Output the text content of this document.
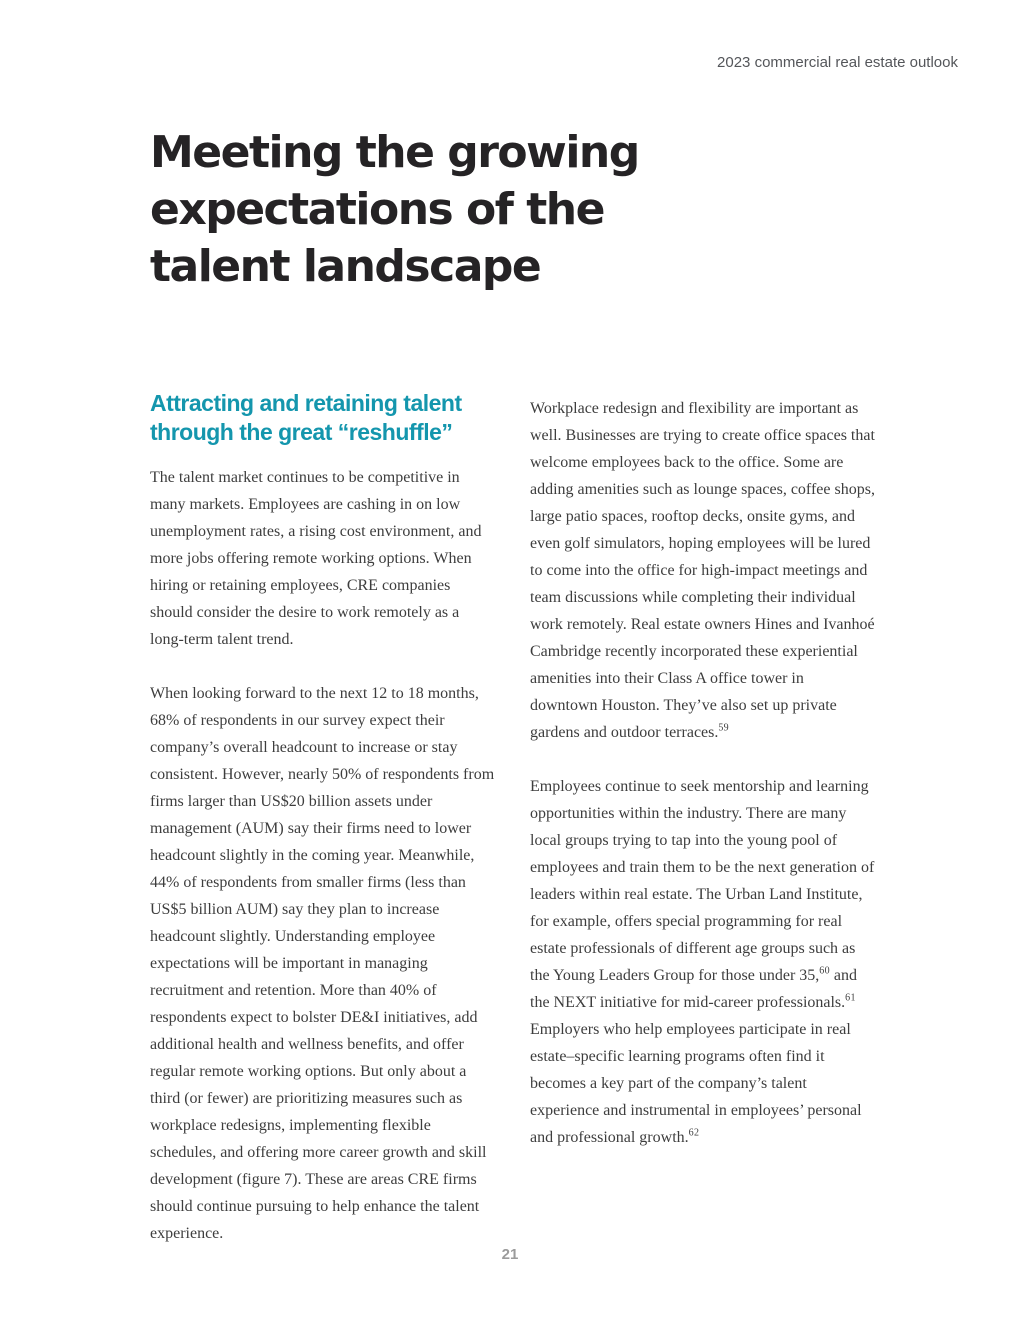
2023 commercial real estate outlook
Meeting the growing
expectations of the
talent landscape
Attracting and retaining talent
through the great “reshuffle”

The talent market continues to be competitive in many markets. Employees are cashing in on low unemployment rates, a rising cost environment, and more jobs offering remote working options. When hiring or retaining employees, CRE companies should consider the desire to work remotely as a long-term talent trend.

When looking forward to the next 12 to 18 months, 68% of respondents in our survey expect their company’s overall headcount to increase or stay consistent. However, nearly 50% of respondents from firms larger than US$20 billion assets under management (AUM) say their firms need to lower headcount slightly in the coming year. Meanwhile, 44% of respondents from smaller firms (less than US$5 billion AUM) say they plan to increase headcount slightly. Understanding employee expectations will be important in managing recruitment and retention. More than 40% of respondents expect to bolster DE&I initiatives, add additional health and wellness benefits, and offer regular remote working options. But only about a third (or fewer) are prioritizing measures such as workplace redesigns, implementing flexible schedules, and offering more career growth and skill development (figure 7). These are areas CRE firms should continue pursuing to help enhance the talent experience.

Workplace redesign and flexibility are important as well. Businesses are trying to create office spaces that welcome employees back to the office. Some are adding amenities such as lounge spaces, coffee shops, large patio spaces, rooftop decks, onsite gyms, and even golf simulators, hoping employees will be lured to come into the office for high-impact meetings and team discussions while completing their individual work remotely. Real estate owners Hines and Ivanhoé Cambridge recently incorporated these experiential amenities into their Class A office tower in downtown Houston. They’ve also set up private gardens and outdoor terraces.$^{59}$

Employees continue to seek mentorship and learning opportunities within the industry. There are many local groups trying to tap into the young pool of employees and train them to be the next generation of leaders within real estate. The Urban Land Institute, for example, offers special programming for real estate professionals of different age groups such as the Young Leaders Group for those under 35,60 and the NEXT initiative for mid-career professionals.$^{61}$ Employers who help employees participate in real estate–specific learning programs often find it becomes a key part of the company’s talent experience and instrumental in employees’ personal and professional growth.$^{62}$

21
